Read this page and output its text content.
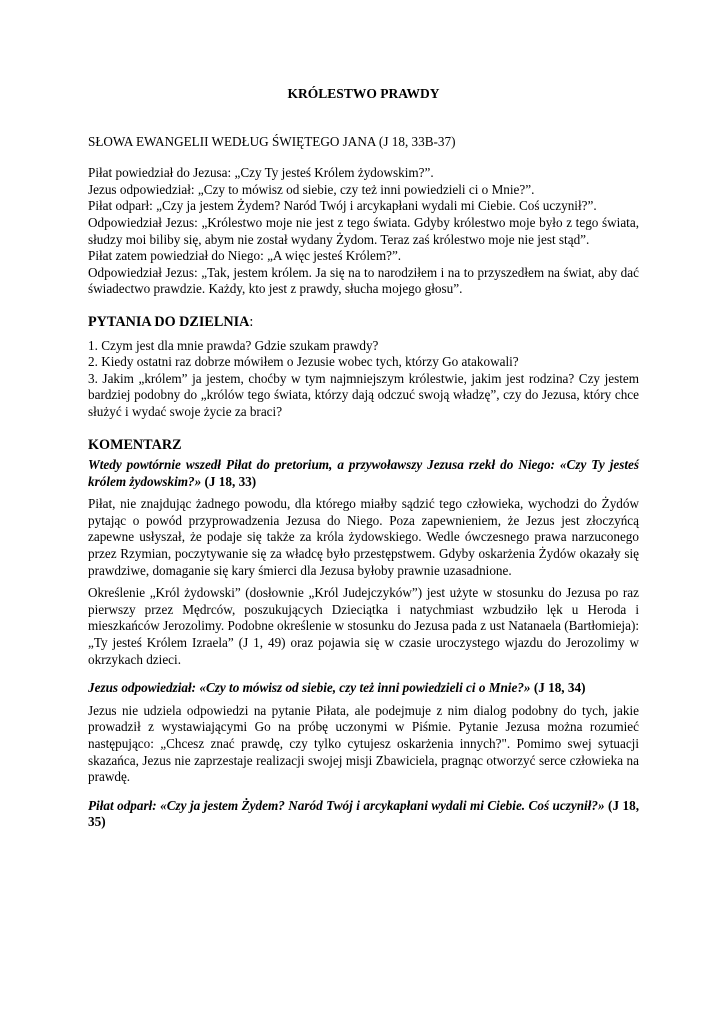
KRÓLESTWO PRAWDY
SŁOWA EWANGELII WEDŁUG ŚWIĘTEGO JANA (J 18, 33B-37)

Piłat powiedział do Jezusa: „Czy Ty jesteś Królem żydowskim?”.

Jezus odpowiedział: „Czy to mówisz od siebie, czy też inni powiedzieli ci o Mnie?”.

Piłat odparł: „Czy ja jestem Żydem? Naród Twój i arcykapłani wydali mi Ciebie. Coś uczynił?”.

Odpowiedział Jezus: „Królestwo moje nie jest z tego świata. Gdyby królestwo moje było z tego świata, słudzy moi biliby się, abym nie został wydany Żydom. Teraz zaś królestwo moje nie jest stąd”.

Piłat zatem powiedział do Niego: „A więc jesteś Królem?”.

Odpowiedział Jezus: „Tak, jestem królem. Ja się na to narodziłem i na to przyszedłem na świat, aby dać świadectwo prawdzie. Każdy, kto jest z prawdy, słucha mojego głosu”.

PYTANIA DO DZIELNIA:

1. Czym jest dla mnie prawda? Gdzie szukam prawdy?

2. Kiedy ostatni raz dobrze mówiłem o Jezusie wobec tych, którzy Go atakowali?

3. Jakim „królem” ja jestem, choćby w tym najmniejszym królestwie, jakim jest rodzina? Czy jestem bardziej podobny do „królów tego świata, którzy dają odczuć swoją władzę”, czy do Jezusa, który chce służyć i wydać swoje życie za braci?

KOMENTARZ

Wtedy powtórnie wszedł Piłat do pretorium, a przywoławszy Jezusa rzekł do Niego: «Czy Ty jesteś królem żydowskim?» (J 18, 33)

Piłat, nie znajdując żadnego powodu, dla którego miałby sądzić tego człowieka, wychodzi do Żydów pytając o powód przyprowadzenia Jezusa do Niego. Poza zapewnieniem, że Jezus jest złoczyńcą zapewne usłyszał, że podaje się także za króla żydowskiego. Wedle ówczesnego prawa narzuconego przez Rzymian, poczytywanie się za władcę było przestępstwem. Gdyby oskarżenia Żydów okazały się prawdziwe, domaganie się kary śmierci dla Jezusa byłoby prawnie uzasadnione.

Określenie „Król żydowski” (dosłownie „Król Judejczyków”) jest użyte w stosunku do Jezusa po raz pierwszy przez Mędrców, poszukujących Dzieciątka i natychmiast wzbudziło lęk u Heroda i mieszkańców Jerozolimy. Podobne określenie w stosunku do Jezusa pada z ust Natanaela (Bartłomieja): „Ty jesteś Królem Izraela” (J 1, 49) oraz pojawia się w czasie uroczystego wjazdu do Jerozolimy w okrzykach dzieci.

Jezus odpowiedział: «Czy to mówisz od siebie, czy też inni powiedzieli ci o Mnie?» (J 18, 34)

Jezus nie udziela odpowiedzi na pytanie Piłata, ale podejmuje z nim dialog podobny do tych, jakie prowadził z wystawiającymi Go na próbę uczonymi w Piśmie. Pytanie Jezusa można rozumieć następująco: „Chcesz znać prawdę, czy tylko cytujesz oskarżenia innych?". Pomimo swej sytuacji skazańca, Jezus nie zaprzestaje realizacji swojej misji Zbawiciela, pragnąc otworzyć serce człowieka na prawdę.

Piłat odparł: «Czy ja jestem Żydem? Naród Twój i arcykapłani wydali mi Ciebie. Coś uczynił?» (J 18, 35)
